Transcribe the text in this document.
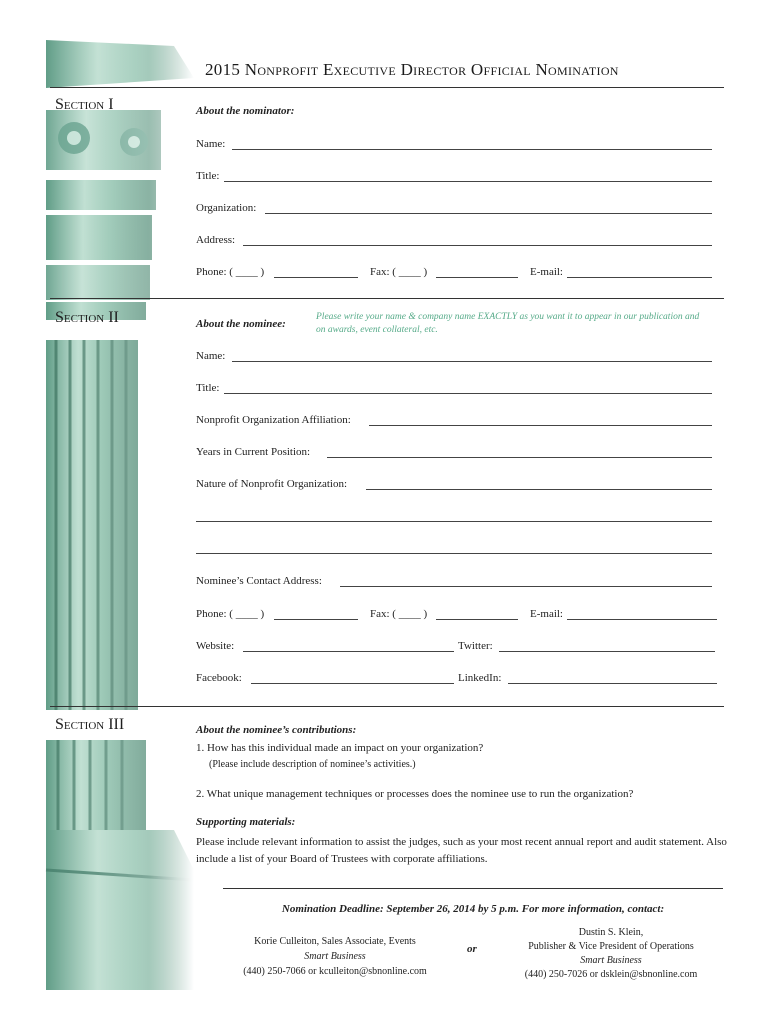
2015 Nonprofit Executive Director Official Nomination
Section I	About the nominator:
Name:
Title:
Organization:
Address:
Phone: ( ____ )	Fax: ( ____ )	E-mail:
Section II	About the nominee:
Please write your name & company name EXACTLY as you want it to appear in our publication and on awards, event collateral, etc.
Name:
Title:
Nonprofit Organization Affiliation:
Years in Current Position:
Nature of Nonprofit Organization:
Nominee’s Contact Address:
Phone: ( ____ )	Fax: ( ____ )	E-mail:
Website:	Twitter:
Facebook:	LinkedIn:
Section III	About the nominee’s contributions:
1. How has this individual made an impact on your organization?
(Please include description of nominee’s activities.)
2. What unique management techniques or processes does the nominee use to run the organization?
Supporting materials:
Please include relevant information to assist the judges, such as your most recent annual report and audit statement. Also include a list of your Board of Trustees with corporate affiliations.
Nomination Deadline: September 26, 2014 by 5 p.m. For more information, contact:
Korie Culleiton, Sales Associate, Events
Smart Business
(440) 250-7066 or kculleiton@sbnonline.com
or
Dustin S. Klein,
Publisher & Vice President of Operations
Smart Business
(440) 250-7026 or dsklein@sbnonline.com
